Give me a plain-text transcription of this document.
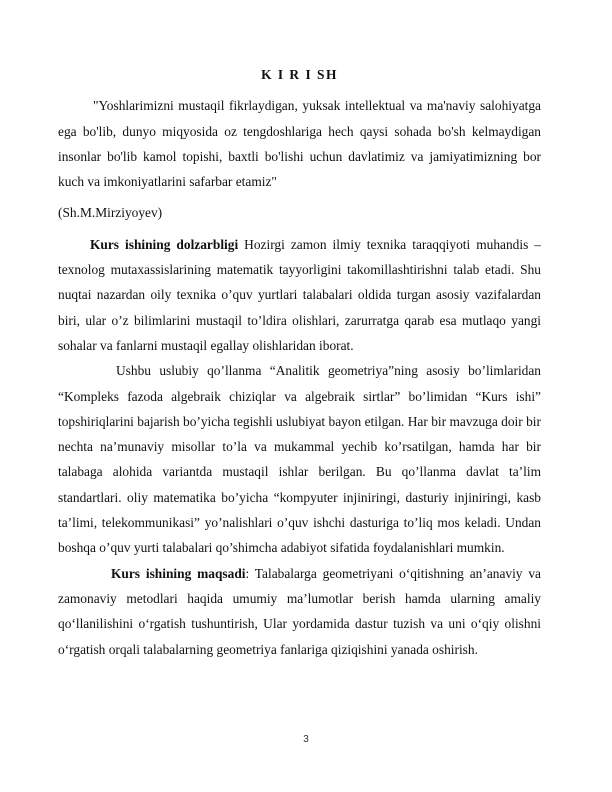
K I R I SH

"Yoshlarimizni mustaqil fikrlaydigan, yuksak intellektual va ma'naviy salohiyatga ega bo'lib, dunyo miqyosida oz tengdoshlariga hech qaysi sohada bo'sh kelmaydigan insonlar bo'lib kamol topishi, baxtli bo'lishi uchun davlatimiz va jamiyatimizning bor kuch va imkoniyatlarini safarbar etamiz"

(Sh.M.Mirziyoyev)

Kurs ishining dolzarbligi Hozirgi zamon ilmiy texnika taraqqiyoti muhandis – texnolog mutaxassislarining matematik tayyorligini takomillashtirishni talab etadi. Shu nuqtai nazardan oily texnika o’quv yurtlari talabalari oldida turgan asosiy vazifalardan biri, ular o’z bilimlarini mustaqil to’ldira olishlari, zarurratga qarab esa mutlaqo yangi sohalar va fanlarni mustaqil egallay olishlaridan iborat.

Ushbu uslubiy qo’llanma “Analitik geometriya”ning asosiy bo’limlaridan “Kompleks fazoda algebraik chiziqlar va algebraik sirtlar” bo’limidan “Kurs ishi” topshiriqlarini bajarish bo’yicha tegishli uslubiyat bayon etilgan. Har bir mavzuga doir bir nechta na’munaviy misollar to’la va mukammal yechib ko’rsatilgan, hamda har bir talabaga alohida variantda mustaqil ishlar berilgan. Bu qo’llanma davlat ta’lim standartlari. oliy matematika bo’yicha “kompyuter injiniringi, dasturiy injiniringi, kasb ta’limi, telekommunikasi” yo’nalishlari o’quv ishchi dasturiga to’liq mos keladi. Undan boshqa o’quv yurti talabalari qo’shimcha adabiyot sifatida foydalanishlari mumkin.

Kurs ishining maqsadi: Talabalarga geometriyani o‘qitishning an’anaviy va zamonaviy metodlari haqida umumiy ma’lumotlar berish hamda ularning amaliy qo‘llanilishini o‘rgatish tushuntirish, Ular yordamida dastur tuzish va uni o‘qiy olishni o‘rgatish orqali talabalarning geometriya fanlariga qiziqishini yanada oshirish.

3
